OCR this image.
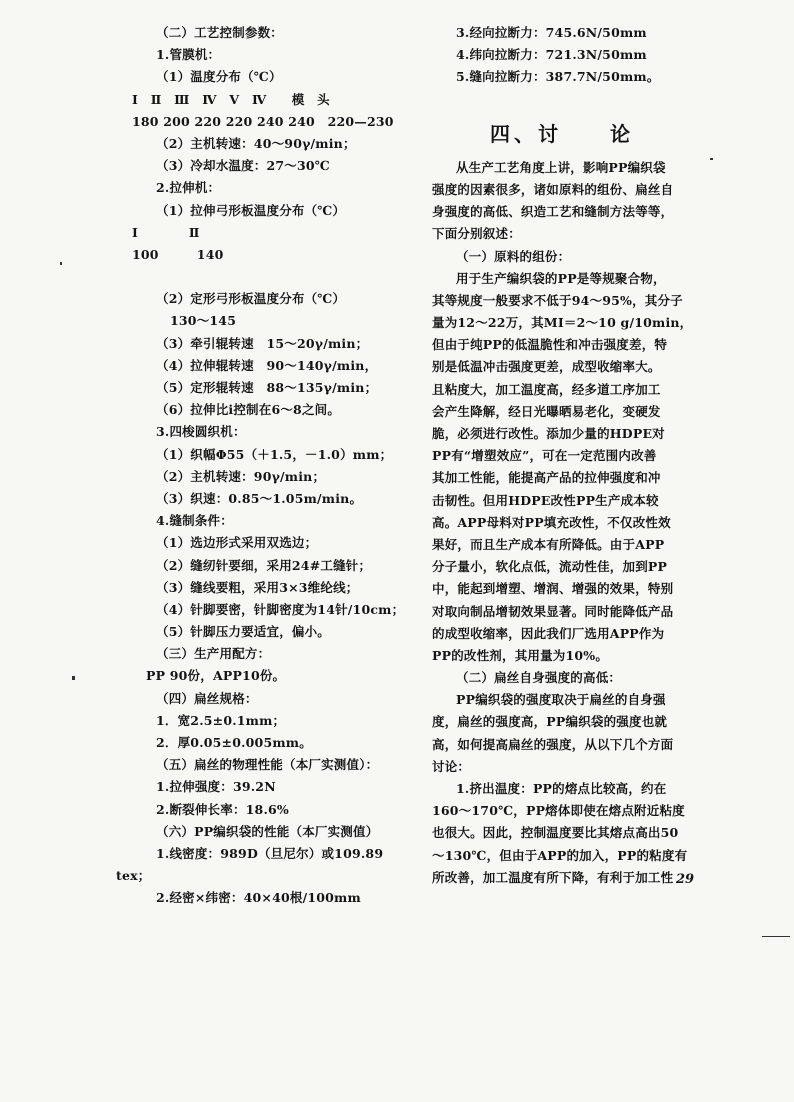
（二）工艺控制参数：
1.管膜机：
（1）温度分布（℃）
Ⅰ　Ⅱ　Ⅲ　Ⅳ　Ⅴ　Ⅳ　　模　头
180 200 220 220 240 240　220—230
（2）主机转速：40～90γ/min；
（3）冷却水温度：27～30℃
2.拉伸机：
（1）拉伸弓形板温度分布（℃）
Ⅰ　　　　Ⅱ
100　　　140
（2）定形弓形板温度分布（℃）
130～145
（3）牵引辊转速　15～20γ/min；
（4）拉伸辊转速　90～140γ/min，
（5）定形辊转速　88～135γ/min；
（6）拉伸比i控制在6～8之间。
3.四梭圆织机：
（1）织幅Φ55（＋1.5，－1.0）mm；
（2）主机转速：90γ/min；
（3）织速：0.85～1.05m/min。
4.缝制条件：
（1）选边形式采用双选边；
（2）缝纫针要细，采用24#工缝针；
（3）缝线要粗，采用3×3维纶线；
（4）针脚要密，针脚密度为14针/10cm；
（5）针脚压力要适宜，偏小。
（三）生产用配方：
PP 90份，APP10份。
（四）扁丝规格：
1．宽2.5±0.1mm；
2．厚0.05±0.005mm。
（五）扁丝的物理性能（本厂实测值）：
1.拉伸强度：39.2N
2.断裂伸长率：18.6%
（六）PP编织袋的性能（本厂实测值）
1.线密度：989D（旦尼尔）或109.89
tex；
2.经密×纬密：40×40根/100mm
3.经向拉断力：745.6N/50mm
4.纬向拉断力：721.3N/50mm
5.缝向拉断力：387.7N/50mm。
四、讨　　论
从生产工艺角度上讲，影响PP编织袋
强度的因素很多，诸如原料的组份、扁丝自
身强度的高低、织造工艺和缝制方法等等，
下面分别叙述：
（一）原料的组份：
用于生产编织袋的PP是等规聚合物，
其等规度一般要求不低于94～95%，其分子
量为12～22万，其MI＝2～10 g/10min，
但由于纯PP的低温脆性和冲击强度差，特
别是低温冲击强度更差，成型收缩率大。
且粘度大，加工温度高，经多道工序加工
会产生降解，经日光曝晒易老化，变硬发
脆，必须进行改性。添加少量的HDPE对
PP有“增塑效应”，可在一定范围内改善
其加工性能，能提高产品的拉伸强度和冲
击韧性。但用HDPE改性PP生产成本较
高。APP母料对PP填充改性，不仅改性效
果好，而且生产成本有所降低。由于APP
分子量小，软化点低，流动性佳，加到PP
中，能起到增塑、增润、增强的效果，特别
对取向制品增韧效果显著。同时能降低产品
的成型收缩率，因此我们厂选用APP作为
PP的改性剂，其用量为10%。
（二）扁丝自身强度的高低：
PP编织袋的强度取决于扁丝的自身强
度，扁丝的强度高，PP编织袋的强度也就
高，如何提高扁丝的强度，从以下几个方面
讨论：
1.挤出温度：PP的熔点比较高，约在
160～170℃，PP熔体即使在熔点附近粘度
也很大。因此，控制温度要比其熔点高出50
～130℃，但由于APP的加入，PP的粘度有
所改善，加工温度有所下降，有利于加工性 29
